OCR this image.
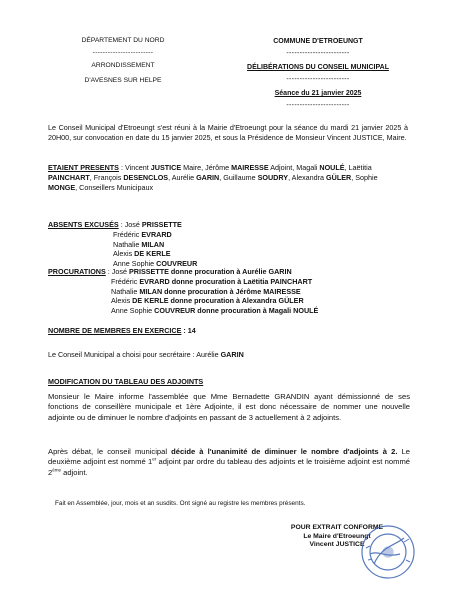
DÉPARTEMENT DU NORD
------------------------
ARRONDISSEMENT
D'AVESNES SUR HELPE
COMMUNE D'ETROEUNGT
------------------------
DÉLIBÉRATIONS DU CONSEIL MUNICIPAL
------------------------
Séance du 21 janvier 2025
------------------------
Le Conseil Municipal d'Etroeungt s'est réuni à la Mairie d'Etroeungt pour la séance du mardi 21 janvier 2025 à 20H00, sur convocation en date du 15 janvier 2025, et sous la Présidence de Monsieur Vincent JUSTICE, Maire.
ETAIENT PRESENTS : Vincent JUSTICE Maire, Jérôme MAIRESSE Adjoint, Magali NOULÉ, Laëtitia PAINCHART, François DESENCLOS, Aurélie GARIN, Guillaume SOUDRY, Alexandra GÜLER, Sophie MONGE, Conseillers Municipaux
ABSENTS EXCUSÉS : José PRISSETTE
Frédéric EVRARD
Nathalie MILAN
Alexis DE KERLE
Anne Sophie COUVREUR
PROCURATIONS : José PRISSETTE donne procuration à Aurélie GARIN
Frédéric EVRARD donne procuration à Laëtitia PAINCHART
Nathalie MILAN donne procuration à Jérôme MAIRESSE
Alexis DE KERLE donne procuration à Alexandra GÜLER
Anne Sophie COUVREUR donne procuration à Magali NOULÉ
NOMBRE DE MEMBRES EN EXERCICE : 14
Le Conseil Municipal a choisi pour secrétaire : Aurélie GARIN
MODIFICATION DU TABLEAU DES ADJOINTS
Monsieur le Maire informe l'assemblée que Mme Bernadette GRANDIN ayant démissionné de ses fonctions de conseillère municipale et 1ère Adjointe, il est donc nécessaire de nommer une nouvelle adjointe ou de diminuer le nombre d'adjoints en passant de 3 actuellement à 2 adjoints.
Après débat, le conseil municipal décide à l'unanimité de diminuer le nombre d'adjoints à 2. Le deuxième adjoint est nommé 1er adjoint par ordre du tableau des adjoints et le troisième adjoint est nommé 2ème adjoint.
Fait en Assemblée, jour, mois et an susdits. Ont signé au registre les membres présents.
POUR EXTRAIT CONFORME
Le Maire d'Etroeungt
Vincent JUSTICE
